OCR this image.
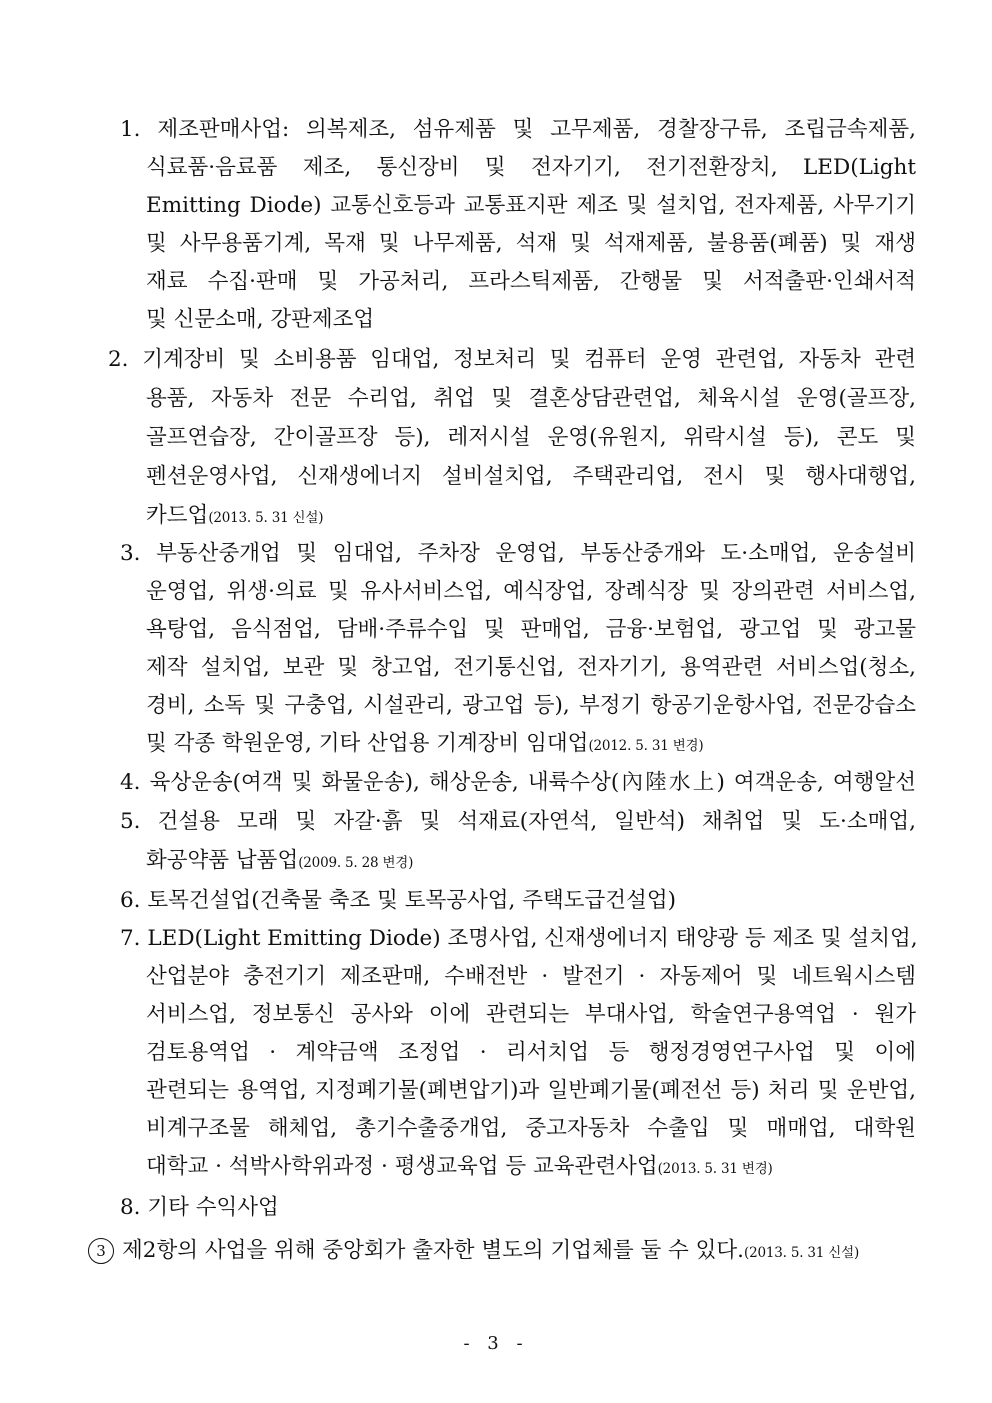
1. 제조판매사업: 의복제조, 섬유제품 및 고무제품, 경찰장구류, 조립금속제품,
식료품·음료품 제조, 통신장비 및 전자기기, 전기전환장치, LED(Light
Emitting Diode) 교통신호등과 교통표지판 제조 및 설치업, 전자제품, 사무기기
및 사무용품기계, 목재 및 나무제품, 석재 및 석재제품, 불용품(폐품) 및 재생
재료 수집·판매 및 가공처리, 프라스틱제품, 간행물 및 서적출판·인쇄서적
및 신문소매, 강판제조업
2. 기계장비 및 소비용품 임대업, 정보처리 및 컴퓨터 운영 관련업, 자동차 관련
용품, 자동차 전문 수리업, 취업 및 결혼상담관련업, 체육시설 운영(골프장,
골프연습장, 간이골프장 등), 레저시설 운영(유원지, 위락시설 등), 콘도 및
펜션운영사업, 신재생에너지 설비설치업, 주택관리업, 전시 및 행사대행업,
카드업(2013. 5. 31 신설)
3. 부동산중개업 및 임대업, 주차장 운영업, 부동산중개와 도·소매업, 운송설비
운영업, 위생·의료 및 유사서비스업, 예식장업, 장례식장 및 장의관련 서비스업,
욕탕업, 음식점업, 담배·주류수입 및 판매업, 금융·보험업, 광고업 및 광고물
제작 설치업, 보관 및 창고업, 전기통신업, 전자기기, 용역관련 서비스업(청소,
경비, 소독 및 구충업, 시설관리, 광고업 등), 부정기 항공기운항사업, 전문강습소
및 각종 학원운영, 기타 산업용 기계장비 임대업(2012. 5. 31 변경)
4. 육상운송(여객 및 화물운송), 해상운송, 내륙수상(內陸水上) 여객운송, 여행알선
5. 건설용 모래 및 자갈·흙 및 석재료(자연석, 일반석) 채취업 및 도·소매업,
화공약품 납품업(2009. 5. 28 변경)
6. 토목건설업(건축물 축조 및 토목공사업, 주택도급건설업)
7. LED(Light Emitting Diode) 조명사업, 신재생에너지 태양광 등 제조 및 설치업,
산업분야 충전기기 제조판매, 수배전반 · 발전기 · 자동제어 및 네트웍시스템
서비스업, 정보통신 공사와 이에 관련되는 부대사업, 학술연구용역업 · 원가
검토용역업 · 계약금액 조정업 · 리서치업 등 행정경영연구사업 및 이에
관련되는 용역업, 지정폐기물(폐변압기)과 일반폐기물(폐전선 등) 처리 및 운반업,
비계구조물 해체업, 총기수출중개업, 중고자동차 수출입 및 매매업, 대학원
대학교 · 석박사학위과정 · 평생교육업 등 교육관련사업(2013. 5. 31 변경)
8. 기타 수익사업
3 제2항의 사업을 위해 중앙회가 출자한 별도의 기업체를 둘 수 있다.(2013. 5. 31 신설)
- 3 -
